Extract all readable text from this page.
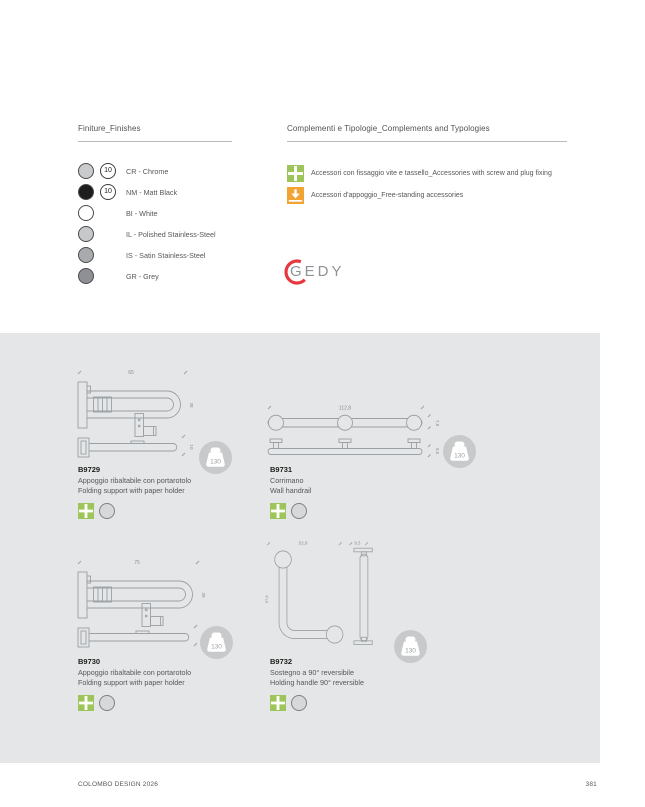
Finiture_Finishes	Complementi e Tipologie_Complements and Typologies
10	CR - Chrome
10	NM - Matt Black
BI - White
IL - Polished Stainless-Steel
IS - Satin Stainless-Steel
GR - Grey
Accessori con fissaggio vite e tassello_Accessories with screw and plug fixing
Accessori d'appoggio_Free-standing accessories
GEDY
65
38
10
130
B9729
Appoggio ribaltabile con portarotolo
Folding support with paper holder
112,8
7,8
9,5
130
B9731
Corrimano
Wall handrail
75
38
130
B9730
Appoggio ribaltabile con portarotolo
Folding support with paper holder
52,8	9,3
67,8
130
B9732
Sostegno a 90° reversibile
Holding handle 90° reversible
COLOMBO DESIGN 2026	381
